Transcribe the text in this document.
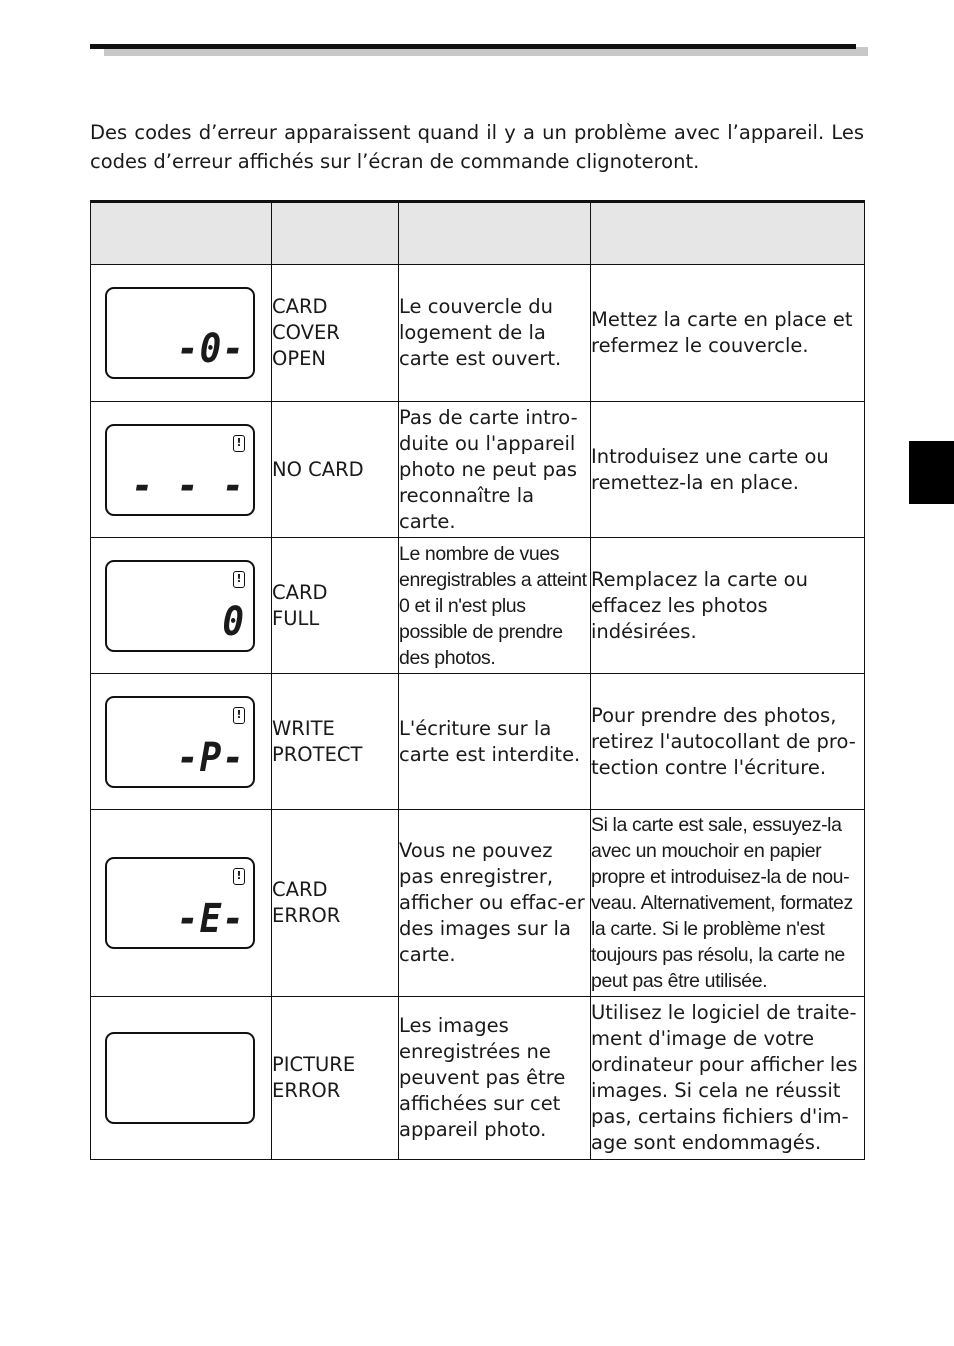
Des codes d’erreur apparaissent quand il y a un problème avec l’appareil. Les codes d’erreur affichés sur l’écran de commande clignoteront.

-0-	CARD
COVER
OPEN	Le couvercle du logement de la carte est ouvert.	Mettez la carte en place et refermez le couvercle.

!
- - -	NO CARD	Pas de carte intro-duite ou l'appareil photo ne peut pas reconnaître la carte.	Introduisez une carte ou remettez-la en place.

!
0	CARD
FULL	Le nombre de vues enregistrables a atteint 0 et il n'est plus possible de prendre des photos.	Remplacez la carte ou effacez les photos indésirées.

!
-P-	WRITE
PROTECT	L'écriture sur la carte est interdite.	Pour prendre des photos, retirez l'autocollant de pro-tection contre l'écriture.

!
-E-	CARD
ERROR	Vous ne pouvez pas enregistrer, afficher ou effac-er des images sur la carte.	Si la carte est sale, essuyez-la avec un mouchoir en papier propre et introduisez-la de nou-veau. Alternativement, formatez la carte. Si le problème n'est toujours pas résolu, la carte ne peut pas être utilisée.

	PICTURE
ERROR	Les images enregistrées ne peuvent pas être affichées sur cet appareil photo.	Utilisez le logiciel de traite-ment d'image de votre ordinateur pour afficher les images. Si cela ne réussit pas, certains fichiers d'im-age sont endommagés.
